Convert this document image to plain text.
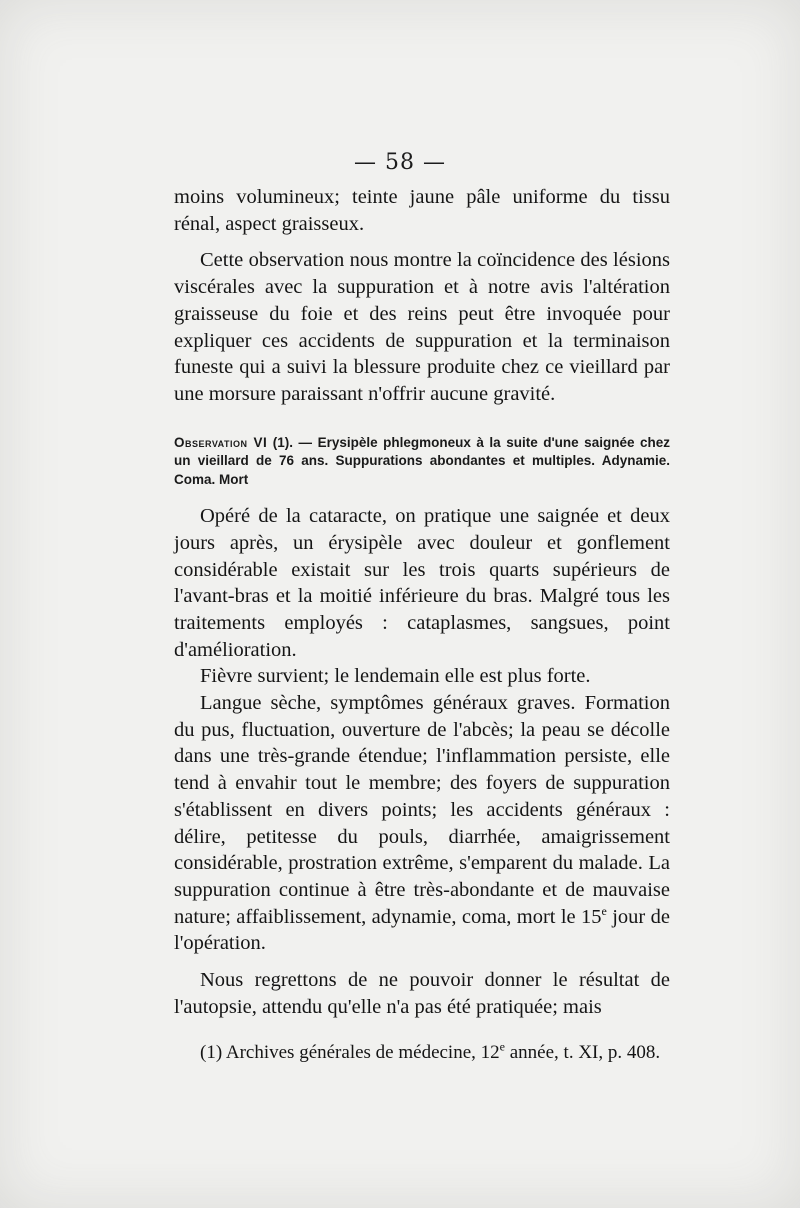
— 58 —

moins volumineux; teinte jaune pâle uniforme du tissu rénal, aspect graisseux.

Cette observation nous montre la coïncidence des lésions viscérales avec la suppuration et à notre avis l'altération graisseuse du foie et des reins peut être invoquée pour expliquer ces accidents de suppuration et la terminaison funeste qui a suivi la blessure produite chez ce vieillard par une morsure paraissant n'offrir aucune gravité.

Observation VI (1). — Erysipèle phlegmoneux à la suite d'une saignée chez un vieillard de 76 ans. Suppurations abondantes et multiples. Adynamie. Coma. Mort

Opéré de la cataracte, on pratique une saignée et deux jours après, un érysipèle avec douleur et gonflement considérable existait sur les trois quarts supérieurs de l'avant-bras et la moitié inférieure du bras. Malgré tous les traitements employés : cataplasmes, sangsues, point d'amélioration.

Fièvre survient; le lendemain elle est plus forte.

Langue sèche, symptômes généraux graves. Formation du pus, fluctuation, ouverture de l'abcès; la peau se décolle dans une très-grande étendue; l'inflammation persiste, elle tend à envahir tout le membre; des foyers de suppuration s'établissent en divers points; les accidents généraux : délire, petitesse du pouls, diarrhée, amaigrissement considérable, prostration extrême, s'emparent du malade. La suppuration continue à être très-abondante et de mauvaise nature; affaiblissement, adynamie, coma, mort le 15e jour de l'opération.

Nous regrettons de ne pouvoir donner le résultat de l'autopsie, attendu qu'elle n'a pas été pratiquée; mais

(1) Archives générales de médecine, 12e année, t. XI, p. 408.
